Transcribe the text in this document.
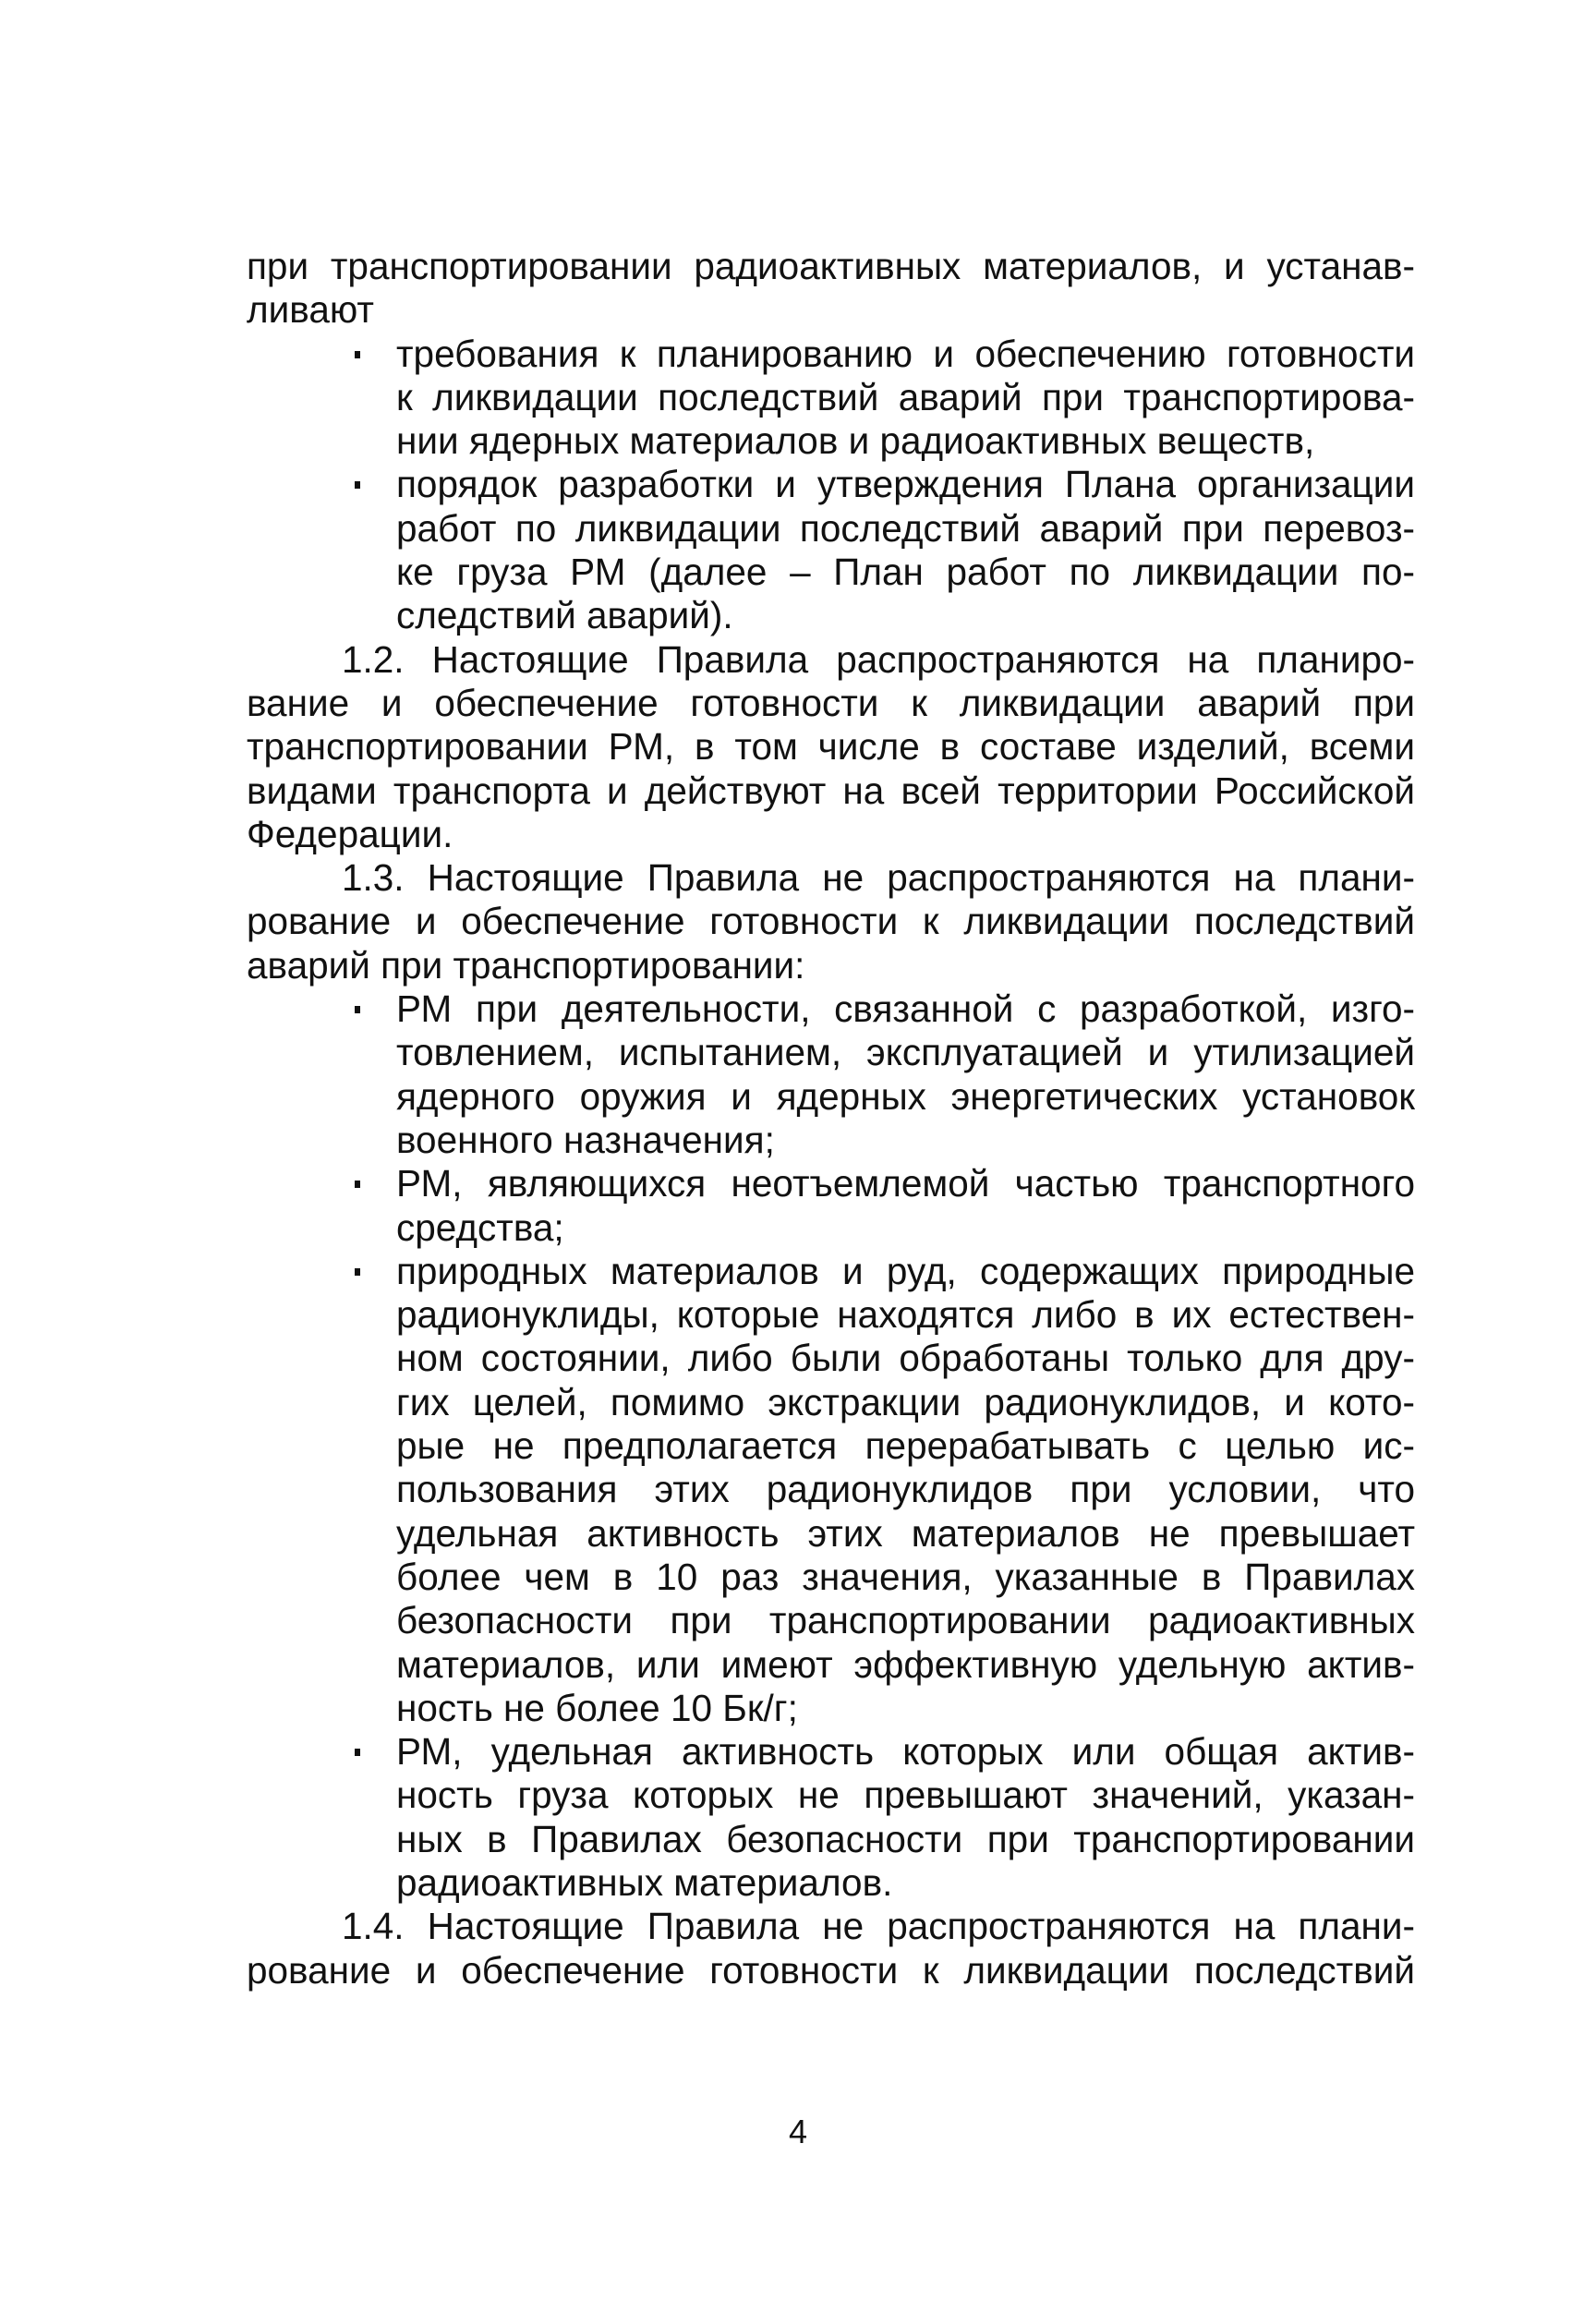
при транспортировании радиоактивных материалов, и устанав-
ливают
требования к планированию и обеспечению готовности
к ликвидации последствий аварий при транспортирова-
нии ядерных материалов и радиоактивных веществ,
порядок разработки и утверждения Плана организации
работ по ликвидации последствий аварий при перевоз-
ке груза РМ (далее – План работ по ликвидации по-
следствий аварий).
1.2. Настоящие Правила распространяются на планиро-
вание и обеспечение готовности к ликвидации аварий при
транспортировании РМ, в том числе в составе изделий, всеми
видами транспорта и действуют на всей территории Российской
Федерации.
1.3. Настоящие Правила не распространяются на плани-
рование и обеспечение готовности к ликвидации последствий
аварий при транспортировании:
РМ при деятельности, связанной с разработкой, изго-
товлением, испытанием, эксплуатацией и утилизацией
ядерного оружия и ядерных энергетических установок
военного назначения;
РМ, являющихся неотъемлемой частью транспортного
средства;
природных материалов и руд, содержащих природные
радионуклиды, которые находятся либо в их естествен-
ном состоянии, либо были обработаны только для дру-
гих целей, помимо экстракции радионуклидов, и кото-
рые не предполагается перерабатывать с целью ис-
пользования этих радионуклидов при условии, что
удельная активность этих материалов не превышает
более чем в 10 раз значения, указанные в Правилах
безопасности при транспортировании радиоактивных
материалов, или имеют эффективную удельную актив-
ность не более 10 Бк/г;
РМ, удельная активность которых или общая актив-
ность груза которых не превышают значений, указан-
ных в Правилах безопасности при транспортировании
радиоактивных материалов.
1.4. Настоящие Правила не распространяются на плани-
рование и обеспечение готовности к ликвидации последствий
4
